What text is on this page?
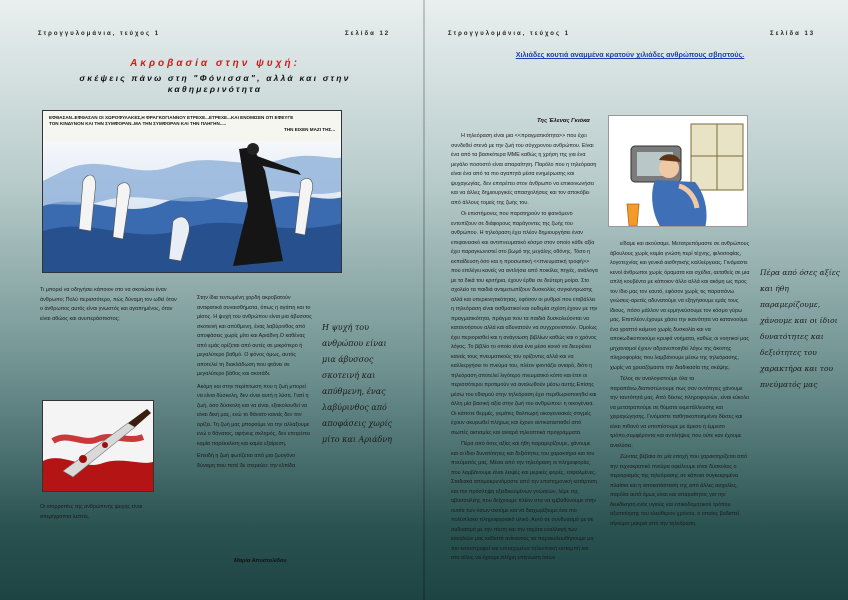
Στρογγυλομάνια, τεύχος 1	Σελίδα 12
Ακροβασία στην ψυχή:
σκέψεις πάνω στη "Φόνισσα", αλλά και στην καθημερινότητα
ΕΦΘΑΣΑΝ..ΕΦΘΑΣΑΝ ΟΙ ΧΩΡΟΦΥΛΑΚΕΣ,Η ΦΡΑΓΚΟΓΙΑΝΝΟΥ ΕΤΡΕΧΕ...ΕΤΡΕΧΕ...ΚΑΙ ΕΝΟΜΙΣΕΝ ΟΤΙ ΕΦΕΥΓΕ ΤΟΝ ΚΙΝΔΥΝΟΝ ΚΑΙ ΤΗΝ ΣΥΜΦΟΡΑΝ..ΜΑ ΤΗΝ ΣΥΜΦΟΡΑΝ ΚΑΙ ΤΗΝ ΠΛΗΓΗΝ.....
ΤΗΝ ΕΙΧΕΝ ΜΑΖΙ ΤΗΣ...

Τι μπορεί να οδηγήσει κάποιον στο να σκοτώσει έναν άνθρωπο; Πολύ περισσότερο, πώς δύναμη τον ωθεί όταν ο άνθρωπος αυτός είναι γνωστός και αγαπημένος, όταν είναι αθώος και ανυπεράσπιστος;

Οι ισορροπίες της ανθρώπινης ψυχής είναι απερίγραπτα λεπτές.

Στην ίδια τεντωμένη χορδή ακροβατούν αντιφατικά συναισθήματα, όπως η αγάπη και το μίσος. Η ψυχή του ανθρώπου είναι μια άβυσσος σκοτεινή και απύθμενη, ένας λαβύρινθος από αποφάσεις χωρίς μίτο και Αριάδνη.Ο καθένας από εμάς ορίζεται από αυτές σε μικρότερο ή μεγαλύτερο βαθμό. Ο φόνος όμως, αυτός αποτελεί τη διακλάδωση που φτάνει σε μεγαλύτερο βάθος και σκοτάδι.

Ακόμη και στην περίπτωση που η ζωή μπορεί να είναι δύσκολη, δεν είναι αυτή η λύση. Γιατί η ζωή, όσο δύσκολη και να είναι, εξακολουθεί να είναι δική μας, ενώ το θάνατο κανείς δεν τον ορίζει. Τη ζωή μας μπορούμε να την αλλάξουμε ενώ ο θάνατος, αφήνεις σκληρός, δεν επιτρέπει καμία παρέκκλιση και καμία εξαίρεση.

Επειδή η ζωή φωτίζεται από μια ζωογόνο δύναμη που ποτέ δε στερεύει: την ελπίδα

Μαρία Αποστολίδου
Η ψυχή του ανθρώπου είναι μια άβυσσος σκοτεινή και απύθμενη, ένας λαβύρινθος από αποφάσεις χωρίς μίτο και Αριάδνη
Στρογγυλομάνια, τεύχος 1	Σελίδα 13
Χιλιάδες κουτιά αναμμένα κρατούν χιλιάδες ανθρώπους σβηστούς.
Της Έλενας Γκιόκα

Η τηλεόραση είναι μια <<πραγματικότητα>> που έχει συνδεθεί στενά με την ζωή του σύγχρονου ανθρώπου. Είναι ένα από τα βασικότερα ΜΜΕ καθώς η χρήση της για ένα μεγάλο ποσοστό είναι απαραίτητη. Παρόλο που η τηλεόραση είναι ένα από τα πιο αγαπητά μέσα ενημέρωσης και ψυχαγωγίας, δεν επιτρέπει στον άνθρωπο να επικοινωνήσει και να άλλες δημιουργικές απασχολήσεις και τον αποκόβει από άλλους τομείς της ζωής του.

Οι επιστήμονες που παρατηρούν το φαινόμενο εντοπίζουν σε διάφορους παράγοντες της ζωής του ανθρώπου. Η τηλεόραση έχει πλέον δημιουργήσει έναν επιφανειακό και αντιπνευματικό κόσμο στον οποίο κάθε αξία έχει παραγκωνιστεί στο βωμό της μεγάλης οθόνης. Τόσο η εκπαίδευση όσο και η προσωπική <<πνευματική τροφή>> που επιλέγει κανείς να αντλήσει από ποικίλες πηγές, ανάλογα με τα δικά του κριτήρια, έχουν έρθει σε δεύτερη μοίρα. Στο σχολείο τα παιδιά αντιμετωπίζουν δυσκολίες συγκέντρωσης αλλά και υπερκινητικότητας, εφόσον οι ρυθμοί που επιβάλλει η τηλεόραση είναι ασθματικοί και ουδεμία σχέση έχουν με την πραγματικότητα, πράγμα που τα παιδιά δυσκολεύονται να κατανοήσουν αλλά και αδυνατούν να συγχρονιστούν. Ομοίως έχει περιορισθεί και η ανάγνωση βιβλίων καθώς και ο χρόνος λόγος. Το βιβλίο το οποίο είναι ένα μέσο κοινό να διευρύνει κανείς τους πνευματικούς του ορίζοντες αλλά και να καλλιεργήσει το πνεύμα του, πλέον φαντάζει ανιαρό, διότι η τηλεόραση αποτελεί λιγότερο πνευματικό κόπο και έτσι οι περισσότεροι προτιμούν να αναλωθούν μέσω αυτής.Επίσης μέσω του εθισμού στην τηλεόραση έχει περιθωριοποιηθεί και άλλη μία βασική αξία στην ζωή του ανθρώπου: η οικογένεια. Οι κάποτε θερμές, γεμάτες θαλπωρή οικογενειακές στιγμές έχουν ακυρωθεί πλήρως και έχουν αντικατασταθεί από σιωπές ακτισμίες και ανιαρά τηλεοπτικά προγράμματα.

Πέρα από όσες αξίες και ήθη παραμερίζουμε, χάνουμε και οι ίδιοι δυνατότητες και δεξιότητες του χαρακτήρα και του πνεύματός μας. Μέσα από την τηλεόραση οι πληροφορίες που λαμβάνουμε είναι λειψές και μερικές φορές, εσφαλμένες. Σταδιακά απομακρυνόμαστε από την επιστημονική κατάρτιση και την πρόσληψη εξειδικευμένων γνώσεων, λέμε της αβυσσαλέης που δείχνουμε πλέον στα να εμβαθύνουμε στην ουσία των όσων ακούμε και να διαχωρίζουμε ένα πιο πολύπλοκο πληροφοριακό υλικό. Αυτό σε συνδυασμό με σε συδυασμό με την πίεση και την ταχύτα εναλλαγή των καναλιών μας καθιστά ανίκανους να παρακολουθήσουμε μα πιο καταστραφεί και επιταχυμένα τηλεοπτική εκπομπή και στο τέλος να έχουμε πλήρη επίγνωση όσων

είδαμε και ακούσαμε. Μετατρεπόμαστε σε ανθρώπους άβουλους χωρίς καμία γνώση περί τέχνης, φιλοσοφίας, λογοτεχνίας και γενικά αισθητικής καλλιέργειας. Γινόμαστε κενοί άνθρωποι χωρίς όραματα και σχέδια, αεταθείς σε μια απλή κουβέντα με κάποιον άλλο αλλά και ακόμη ως προς τον ίδιο μας τον εαυτό, εφόσον χωρίς τις παραπάνω γνώσεις-αρετές αδυνατούμε να εξηγήσουμε εμάς τους ίδιους, πόσο μάλλον να ερμηνεύσουμε τον κόσμο γύρω μας. Επιπλέον,έχουμε χάσει την ικανότητα να κατανοούμε ένα γραπτό κείμενο χωρίς δυσκολία και να αποκωδικοποιούμε κρυφά νοήματα, καθώς οι νοητικοί μας μηχανισμοί έχουν αδρανοποιηθεί λόγω της άκοπης πληροφορίας που λαμβάνουμε μέσω της τηλεόρασης, χωρίς να χρειαζόμαστε την διαδικασία της σκέψης.

Τέλος αν αναλογιστούμε όλα τα παραπάνω,διαπιστώνουμε πως σαν οντότητες χάνουμε την ταυτότητά μας. Από δέκτες πληροφοριών, είναι εύκολο να μετατραπούμε σε θύματα εκμετάλλευσης και χειραγώγησης. Γινόμαστε παθητικοποιημένοι δέκτες και είναι πιθανό να υποπέσουμε με άμεσο ή έμμεσο τρόπο,συμφέροντα και αντιλήψεις που ούτε καν έχουμε αναλύσει.

Ζώντας βέβαια σε μία εποχή που χαρακτηρίζεται από την τεχνοκρατικό πνεύμα οφείλουμε είναι δύσκολος ο περιορισμός της τηλεόρασης σε κάποια συγκεκριμένα πλαίσια και η αποκατάστασή της από άλλες ασχολίες, παρόλα αυτά όμως είναι και απαραίτητος για την διεκδίκηση ενός υγιούς και επικοδομητικού τρόπου αξιοποίησης του ελεύθερου χρόνου, ο οποίος βαδιστεί σίγουρα μακριά από την τηλεόραση.

Πέρα από όσες αξίες και ήθη παραμερίζουμε, χάνουμε και οι ίδιοι δυνατότητες και δεξιότητες του χαρακτήρα και του πνεύματός μας
